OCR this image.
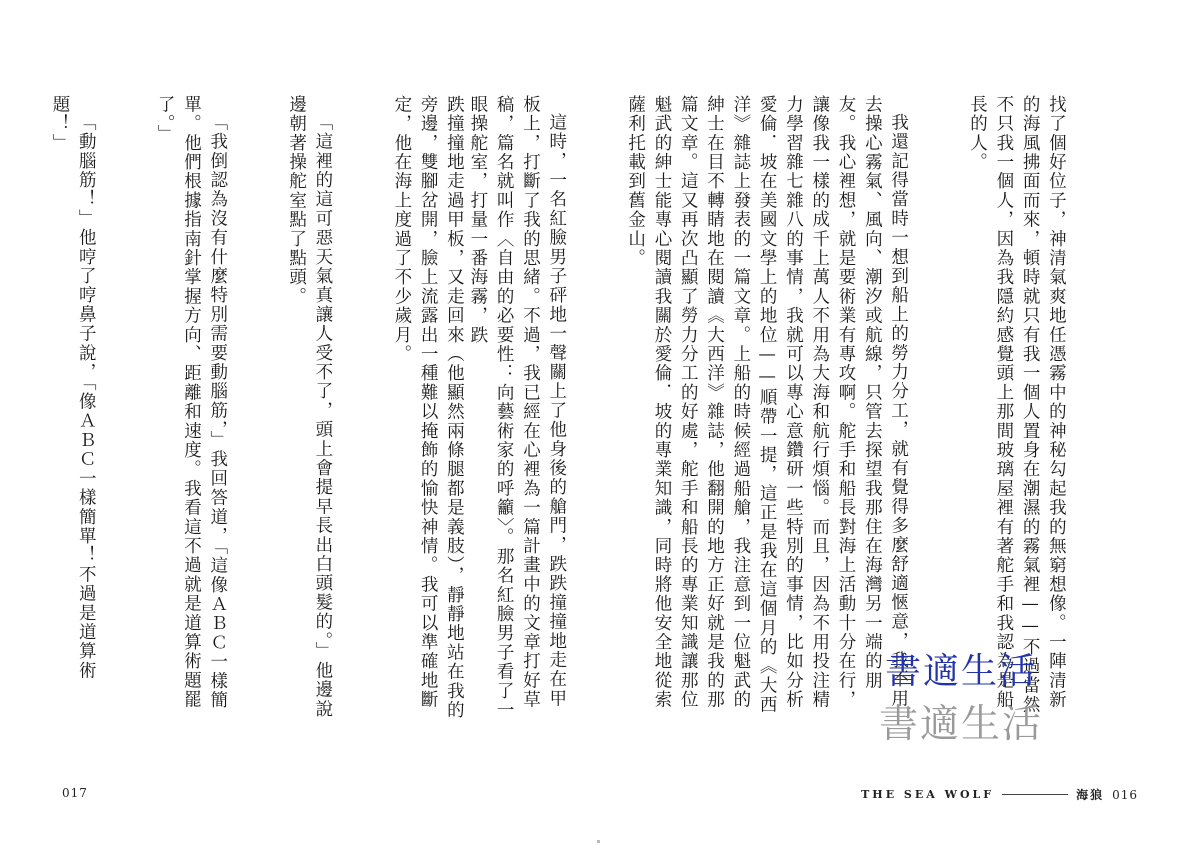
跌撞撞地走過甲板，又走回來（他顯然兩條腿都是義肢），靜靜地站在我的旁邊，雙腳岔開，臉上流露出一種難以掩飾的愉快神情。我可以準確地斷定，他在海上度過了不少歲月。

「這裡的這可惡天氣真讓人受不了，頭上會提早長出白頭髮的。」他邊說邊朝著操舵室點了點頭。

「我倒認為沒有什麼特別需要動腦筋，」我回答道，「這像ＡＢＣ一樣簡單。他們根據指南針掌握方向、距離和速度。我看這不過就是道算術題罷了。」

「動腦筋！」他哼了哼鼻子說，「像ＡＢＣ一樣簡單！不過是道算術題！」

017

找了個好位子，神清氣爽地任憑霧中的神秘勾起我的無窮想像。一陣清新的海風拂面而來，頓時就只有我一個人置身在潮濕的霧氣裡——不過當然不只我一個人，因為我隱約感覺頭上那間玻璃屋裡有著舵手和我認為是船長的人。

我還記得當時一想到船上的勞力分工，就有覺得多麼舒適愜意，我不用去操心霧氣、風向、潮汐或航線，只管去探望我那住在海灣另一端的朋友。我心裡想，就是要術業有專攻啊。舵手和船長對海上活動十分在行，讓像我一樣的成千上萬人不用為大海和航行煩惱。而且，因為不用投注精力學習雜七雜八的事情，我就可以專心意鑽研一些特別的事情，比如分析愛倫．坡在美國文學上的地位——順帶一提，這正是我在這個月的《大西洋》雜誌上發表的一篇文章。上船的時候經過船艙，我注意到一位魁武的紳士在目不轉睛地在閱讀《大西洋》雜誌，他翻開的地方正好就是我的那篇文章。這又再次凸顯了勞力分工的好處，舵手和船長的專業知識讓那位魁武的紳士能專心閱讀我關於愛倫．坡的專業知識，同時將他安全地從索薩利托載到舊金山。

這時，一名紅臉男子砰地一聲關上了他身後的艙門，跌跌撞撞地走在甲板上，打斷了我的思緒。不過，我已經在心裡為一篇計畫中的文章打好草稿，篇名就叫作〈自由的必要性：向藝術家的呼籲〉。那名紅臉男子看了一眼操舵室，打量一番海霧，跌

書適生活
書適生活
THE SEA WOLF	海狼 016
